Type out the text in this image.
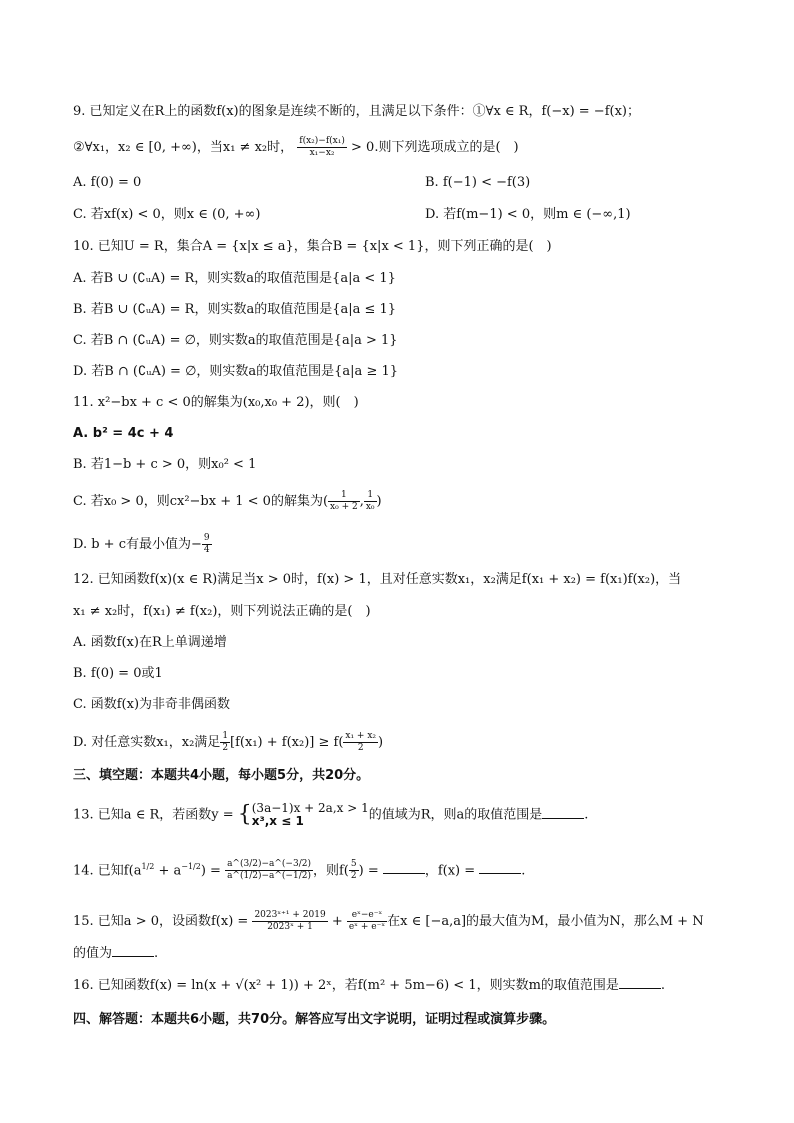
9. 已知定义在R上的函数f(x)的图象是连续不断的，且满足以下条件：①∀x ∈ R，f(−x) = −f(x)；
②∀x₁，x₂ ∈ [0, +∞)，当x₁ ≠ x₂时， $\frac{\text{f(x₂)−f(x₁)}}{\text{x₁−x₂}} > 0$.则下列选项成立的是(　)
A. f(0) = 0	B. f(−1) < −f(3)
C. 若xf(x) < 0，则x ∈ (0, +∞)	D. 若f(m−1) < 0，则m ∈ (−∞,1)
10. 已知U = R，集合A = {x|x ≤ a}，集合B = {x|x < 1}，则下列正确的是(　)
A. 若B ∪ (∁ᵤA) = R，则实数a的取值范围是{a|a < 1}
B. 若B ∪ (∁ᵤA) = R，则实数a的取值范围是{a|a ≤ 1}
C. 若B ∩ (∁ᵤA) = ∅，则实数a的取值范围是{a|a > 1}
D. 若B ∩ (∁ᵤA) = ∅，则实数a的取值范围是{a|a ≥ 1}
11. x²−bx + c < 0的解集为(x₀,x₀ + 2)，则(　)
A. b² = 4c + 4
B. 若1−b + c > 0，则x₀² < 1
C. 若x₀ > 0，则cx²−bx + 1 < 0的解集为( $\frac{1}{\text{x₀ + 2}}$ , $\frac{1}{\text{x₀}}$ )
D. b + c有最小值为− $\frac{9}{4}$
12. 已知函数f(x)(x ∈ R)满足当x > 0时，f(x) > 1，且对任意实数x₁，x₂满足f(x₁ + x₂) = f(x₁)f(x₂)，当
x₁ ≠ x₂时，f(x₁) ≠ f(x₂)，则下列说法正确的是(　)
A. 函数f(x)在R上单调递增
B. f(0) = 0或1
C. 函数f(x)为非奇非偶函数
D. 对任意实数x₁，x₂满足 $\frac{1}{2} [f(x_1) + f(x_2)] \ge f( \frac{\text{x₁ + x₂}}{2}$ )
三、填空题：本题共4小题，每小题5分，共20分。
13. 已知a ∈ R，若函数y = { (3a−1)x + 2a,x > 1
x³,x ≤ 1	的值域为R，则a的取值范围是	.
14. 已知$f(a^{1/2} + a^{-1/2}) = \frac{a\^{}(3/2)-a\^{}(-3/2)}{a\^{}(1/2)-a\^{}(-1/2)}$ ，则$f( \frac{5}{2}$ ) =	，f(x) =	.
15. 已知a > 0，设函数$f(x) = \frac{\text{2023ˣ⁺¹ + 2019}}{\text{2023ˣ + 1}} + \frac{\text{eˣ−e⁻ˣ}}{\text{eˣ + e⁻ˣ}}$ 在x ∈ [−a,a]的最大值为M，最小值为N，那么M + N
的值为	.
16. 已知函数f(x) = ln(x + √(x² + 1)) + 2ˣ，若f(m² + 5m−6) < 1，则实数m的取值范围是	.
四、解答题：本题共6小题，共70分。解答应写出文字说明，证明过程或演算步骤。
